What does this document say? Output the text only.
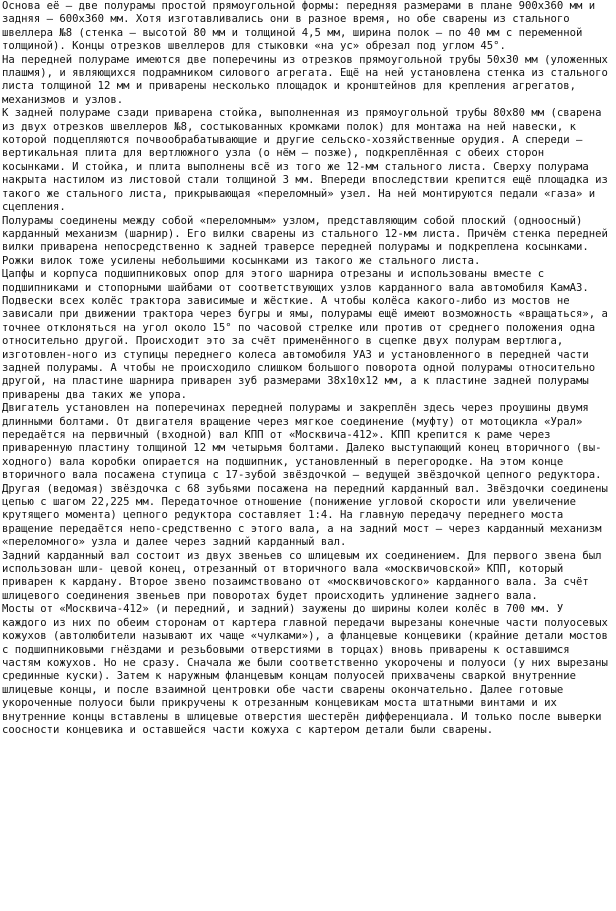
Основа её – две полурамы простой прямоугольной формы: передняя размерами в плане 900x360 мм и задняя – 600x360 мм. Хотя изготавливались они в разное время, но обе сварены из стального швеллера №8 (стенка – высотой 80 мм и толщиной 4,5 мм, ширина полок – по 40 мм с переменной толщиной). Концы отрезков швеллеров для стыковки «на ус» обрезал под углом 45°.

На передней полураме имеются две поперечины из отрезков прямоугольной трубы 50x30 мм (уложенных плашмя), и являющихся подрамником силового агрегата. Ещё на ней установлена стенка из стального листа толщиной 12 мм и приварены несколько площадок и кронштейнов для крепления агрегатов, механизмов и узлов.

К задней полураме сзади приварена стойка, выполненная из прямоугольной трубы 80x80 мм (сварена из двух отрезков швеллеров №8, состыкованных кромками полок) для монтажа на ней навески, к которой подцепляются почвообрабатывающие и другие сельско-хозяйственные орудия. А спереди – вертикальная плита для вертлюжного узла (о нём – позже), подкреплённая с обеих сторон косынками. И стойка, и плита выполнены всё из того же 12-мм стального листа. Сверху полурама накрыта настилом из листовой стали толщиной 3 мм. Впереди впоследствии крепится ещё площадка из такого же стального листа, прикрывающая «переломный» узел. На ней монтируются педали «газа» и сцепления.

Полурамы соединены между собой «переломным» узлом, представляющим собой плоский (одноосный) карданный механизм (шарнир). Его вилки сварены из стального 12-мм листа. Причём стенка передней вилки приварена непосредственно к задней траверсе передней полурамы и подкреплена косынками. Рожки вилок тоже усилены небольшими косынками из такого же стального листа.

Цапфы и корпуса подшипниковых опор для этого шарнира отрезаны и использованы вместе с подшипниками и стопорными шайбами от соответствующих узлов карданного вала автомобиля КамАЗ.

Подвески всех колёс трактора зависимые и жёсткие. А чтобы колёса какого-либо из мостов не зависали при движении трактора через бугры и ямы, полурамы ещё имеют возможность «вращаться», а точнее отклоняться на угол около 15° по часовой стрелке или против от среднего положения одна относительно другой. Происходит это за счёт применённого в сцепке двух полурам вертлюга, изготовлен-ного из ступицы переднего колеса автомобиля УАЗ и установленного в передней части задней полурамы. А чтобы не происходило слишком большого поворота одной полурамы относительно другой, на пластине шарнира приварен зуб размерами 38x10x12 мм, а к пластине задней полурамы приварены два таких же упора.

Двигатель установлен на поперечинах передней полурамы и закреплён здесь через проушины двумя длинными болтами. От двигателя вращение через мягкое соединение (муфту) от мотоцикла «Урал» передаётся на первичный (входной) вал КПП от «Москвича-412». КПП крепится к раме через приваренную пластину толщиной 12 мм четырьмя болтами. Далеко выступающий конец вторичного (вы-ходного) вала коробки опирается на подшипник, установленный в перегородке. На этом конце вторичного вала посажена ступица с 17-зубой звёздочкой – ведущей звёздочкой цепного редуктора. Другая (ведомая) звёздочка с 68 зубьями посажена на передний карданный вал. Звёздочки соединены цепью с шагом 22,225 мм. Передаточное отношение (понижение угловой скорости или увеличение крутящего момента) цепного редуктора составляет 1:4. На главную передачу переднего моста вращение передаётся непо-средственно с этого вала, а на задний мост – через карданный механизм «переломного» узла и далее через задний карданный вал.

Задний карданный вал состоит из двух звеньев со шлицевым их соединением. Для первого звена был использован шли- цевой конец, отрезанный от вторичного вала «москвичовской» КПП, который приварен к кардану. Второе звено позаимствовано от «москвичовского» карданного вала. За счёт шлицевого соединения звеньев при поворотах будет происходить удлинение заднего вала.

Мосты от «Москвича-412» (и передний, и задний) заужены до ширины колеи колёс в 700 мм. У каждого из них по обеим сторонам от картера главной передачи вырезаны конечные части полуосевых кожухов (автолюбители называют их чаще «чулками»), а фланцевые концевики (крайние детали мостов с подшипниковыми гнёздами и резьбовыми отверстиями в торцах) вновь приварены к оставшимся частям кожухов. Но не сразу. Сначала же были соответственно укорочены и полуоси (у них вырезаны срединные куски). Затем к наружным фланцевым концам полуосей прихвачены сваркой внутренние шлицевые концы, и после взаимной центровки обе части сварены окончательно. Далее готовые укороченные полуоси были прикручены к отрезанным концевикам моста штатными винтами и их внутренние концы вставлены в шлицевые отверстия шестерён дифференциала. И только после выверки соосности концевика и оставшейся части кожуха с картером детали были сварены.
